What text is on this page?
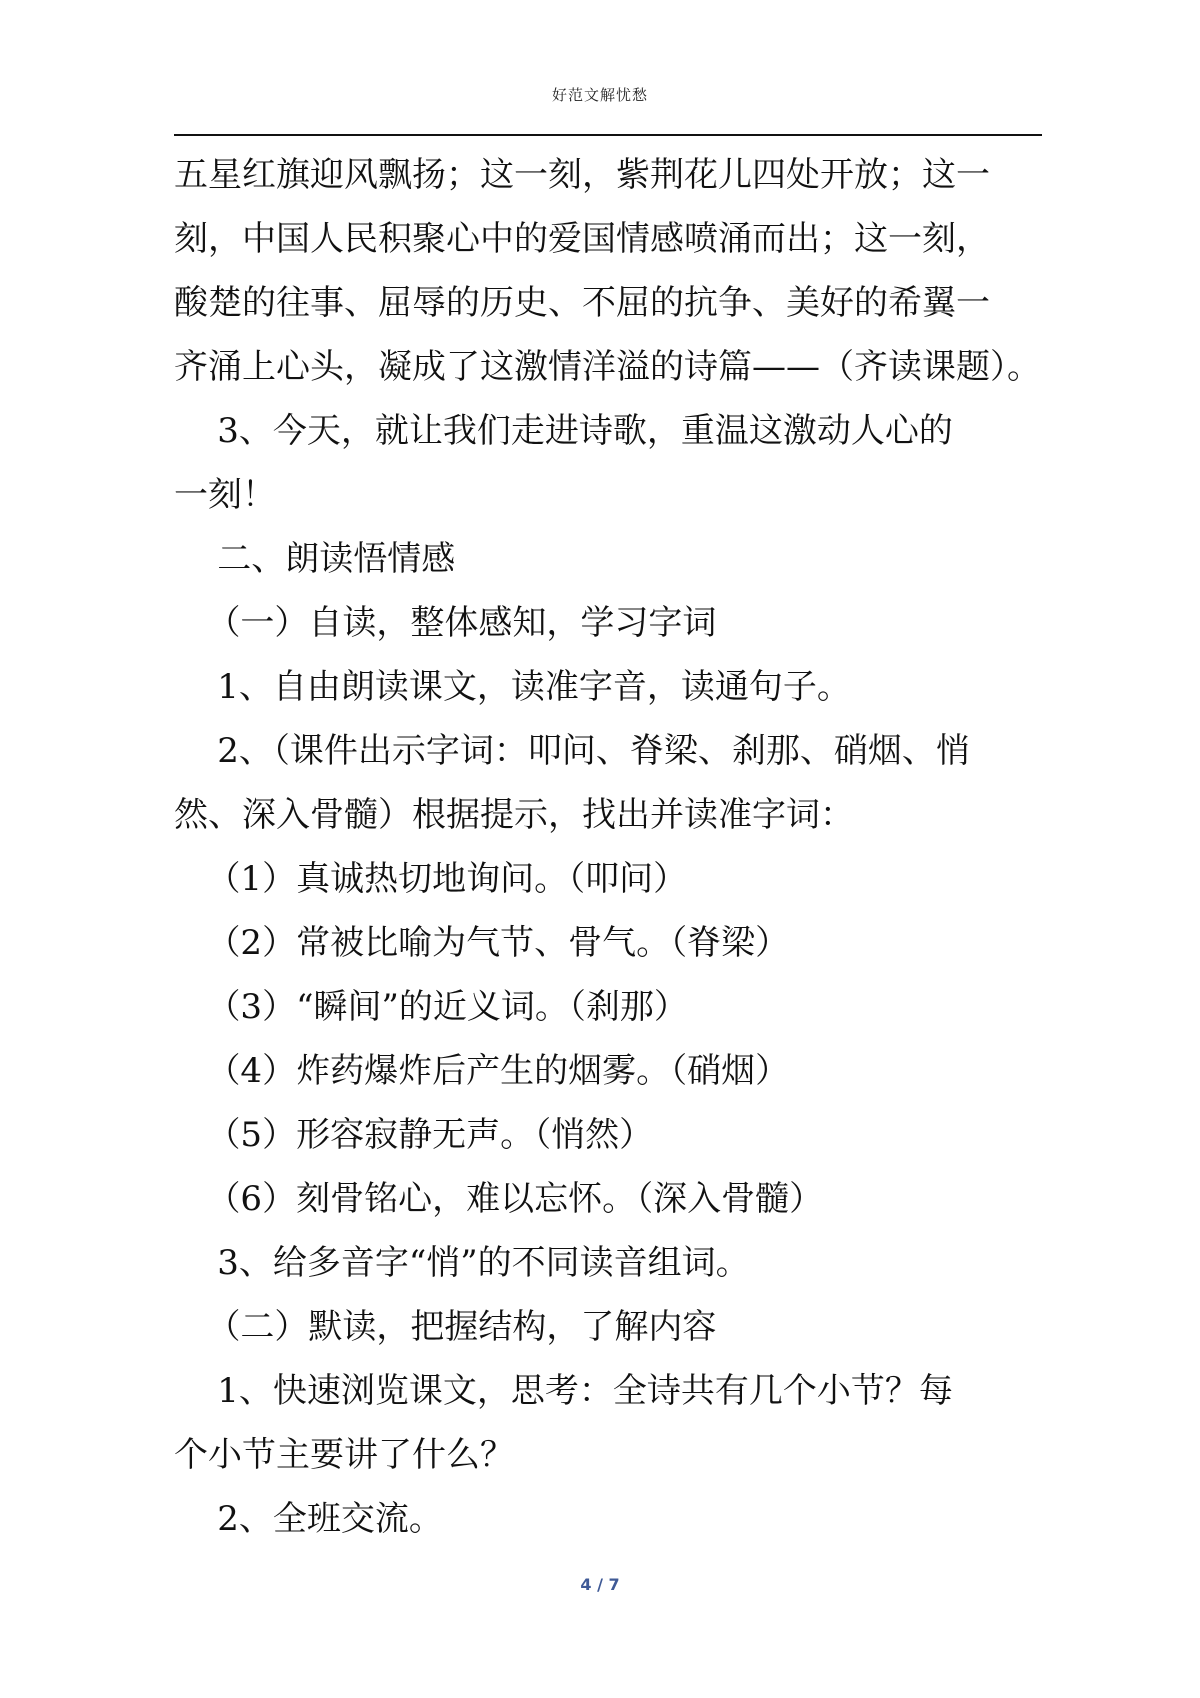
好范文解忧愁

五星红旗迎风飘扬；这一刻，紫荆花儿四处开放；这一

刻，中国人民积聚心中的爱国情感喷涌而出；这一刻，

酸楚的往事、屈辱的历史、不屈的抗争、美好的希翼一

齐涌上心头，凝成了这激情洋溢的诗篇——（齐读课题）。

3、今天，就让我们走进诗歌，重温这激动人心的

一刻！

二、朗读悟情感

（一）自读，整体感知，学习字词

1、自由朗读课文，读准字音，读通句子。

2、（课件出示字词：叩问、脊梁、刹那、硝烟、悄

然、深入骨髓）根据提示，找出并读准字词：

（1）真诚热切地询问。（叩问）

（2）常被比喻为气节、骨气。（脊梁）

（3）“瞬间”的近义词。（刹那）

（4）炸药爆炸后产生的烟雾。（硝烟）

（5）形容寂静无声。（悄然）

（6）刻骨铭心，难以忘怀。（深入骨髓）

3、给多音字“悄”的不同读音组词。

（二）默读，把握结构，了解内容

1、快速浏览课文，思考：全诗共有几个小节？每

个小节主要讲了什么？

2、全班交流。

4 / 7
